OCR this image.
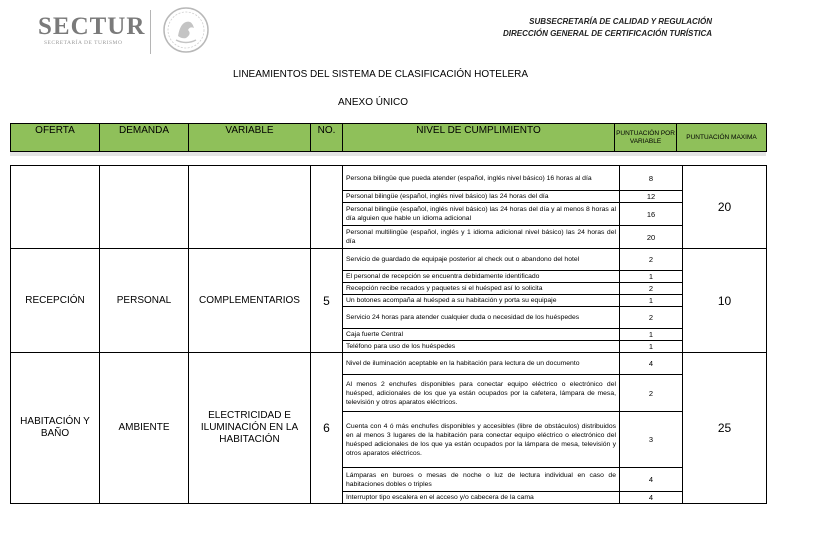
SECTUR
SECRETARÍA DE TURISMO
SUBSECRETARÍA DE CALIDAD Y REGULACIÓN
DIRECCIÓN GENERAL DE CERTIFICACIÓN TURÍSTICA
LINEAMIENTOS DEL SISTEMA DE CLASIFICACIÓN HOTELERA
ANEXO ÚNICO
OFERTA	DEMANDA	VARIABLE	NO.	NIVEL DE CUMPLIMIENTO	PUNTUACIÓN POR VARIABLE	PUNTUACIÓN MAXIMA
				Persona bilingüe que pueda atender (español, inglés nivel básico) 16 horas al día	8	20
				Personal bilingüe (español, inglés nivel básico) las 24 horas del día	12	
				Personal bilingüe (español, inglés nivel básico) las 24 horas del día y al menos 8 horas al día alguien que hable un idioma adicional	16	
				Personal multilingüe (español, inglés y 1 idioma adicional nivel básico) las 24 horas del día	20	
RECEPCIÓN	PERSONAL	COMPLEMENTARIOS	5	Servicio de guardado de equipaje posterior al check out o abandono del hotel	2	10
				El personal de recepción se encuentra debidamente identificado	1	
				Recepción recibe recados y paquetes si el huésped así lo solicita	2	
				Un botones acompaña al huésped a su habitación y porta su equipaje	1	
				Servicio 24 horas para atender cualquier duda o necesidad de los huéspedes	2	
				Caja fuerte Central	1	
				Teléfono para uso de los huéspedes	1	
HABITACIÓN Y BAÑO	AMBIENTE	ELECTRICIDAD E ILUMINACIÓN EN LA HABITACIÓN	6	Nivel de iluminación aceptable en la habitación para lectura de un documento	4	25
				Al menos 2 enchufes disponibles para conectar equipo eléctrico o electrónico del huésped, adicionales de los que ya están ocupados por la cafetera, lámpara de mesa, televisión y otros aparatos eléctricos.	2	
				Cuenta con 4 ó más enchufes disponibles y accesibles (libre de obstáculos) distribuidos en al menos 3 lugares de la habitación para conectar equipo eléctrico o electrónico del huésped adicionales de los que ya están ocupados por la lámpara de mesa, televisión y otros aparatos eléctricos.	3	
				Lámparas en buroes o mesas de noche o luz de lectura individual en caso de habitaciones dobles o triples	4	
				Interruptor tipo escalera en el acceso y/o cabecera de la cama	4	
